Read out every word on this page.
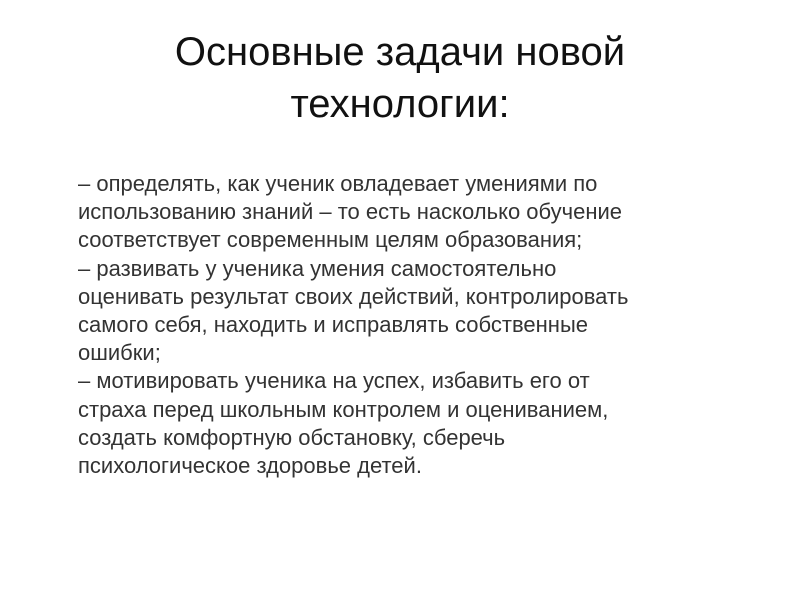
Основные задачи новой
технологии:
– определять, как ученик овладевает умениями по
использованию знаний – то есть насколько обучение
соответствует современным целям образования;
– развивать у ученика умения самостоятельно
оценивать результат своих действий, контролировать
самого себя, находить и исправлять собственные
ошибки;
– мотивировать ученика на успех, избавить его от
страха перед школьным контролем и оцениванием,
создать комфортную обстановку, сберечь
психологическое здоровье детей.
